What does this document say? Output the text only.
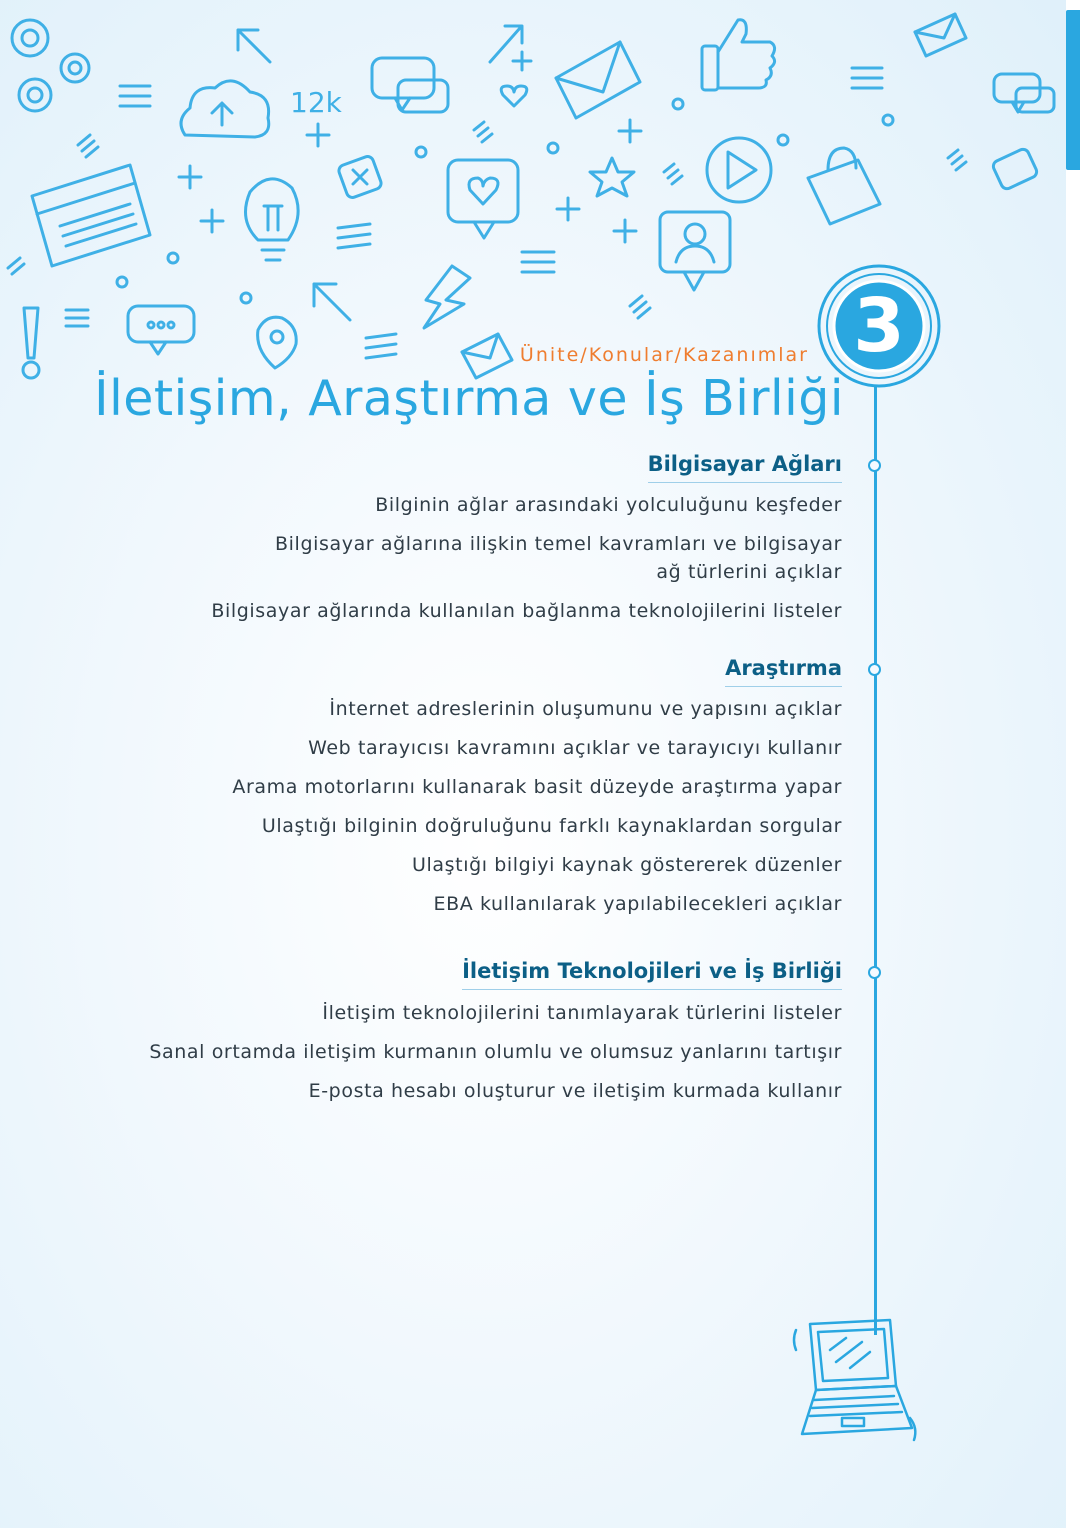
12k
3
Ünite/Konular/Kazanımlar
İletişim, Araştırma ve İş Birliği
Bilgisayar Ağları
Bilginin ağlar arasındaki yolculuğunu keşfeder
Bilgisayar ağlarına ilişkin temel kavramları ve bilgisayar
ağ türlerini açıklar
Bilgisayar ağlarında kullanılan bağlanma teknolojilerini listeler
Araştırma
İnternet adreslerinin oluşumunu ve yapısını açıklar
Web tarayıcısı kavramını açıklar ve tarayıcıyı kullanır
Arama motorlarını kullanarak basit düzeyde araştırma yapar
Ulaştığı bilginin doğruluğunu farklı kaynaklardan sorgular
Ulaştığı bilgiyi kaynak göstererek düzenler
EBA kullanılarak yapılabilecekleri açıklar
İletişim Teknolojileri ve İş Birliği
İletişim teknolojilerini tanımlayarak türlerini listeler
Sanal ortamda iletişim kurmanın olumlu ve olumsuz yanlarını tartışır
E-posta hesabı oluşturur ve iletişim kurmada kullanır
